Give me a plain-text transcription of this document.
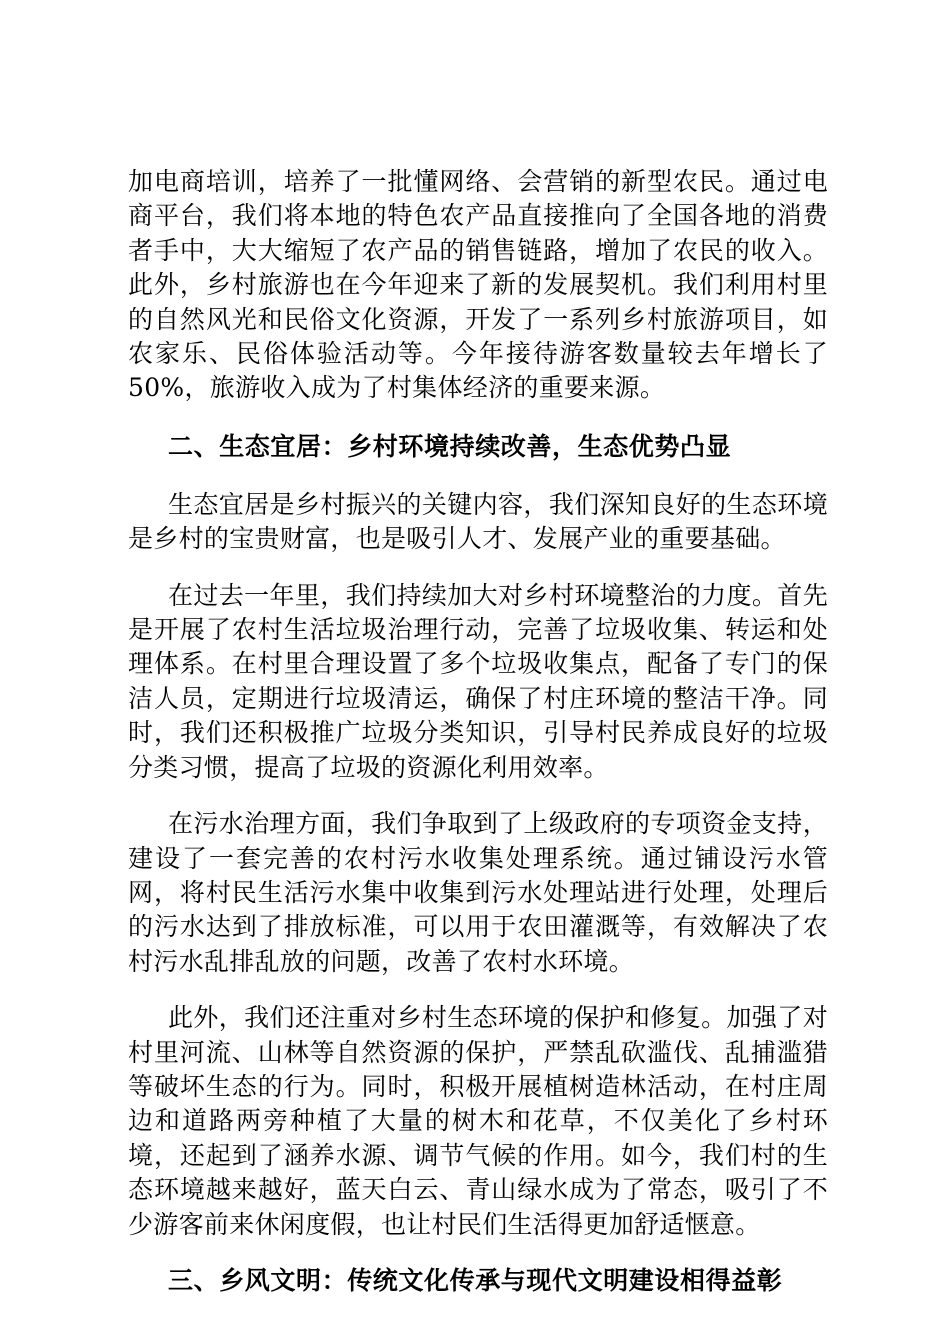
加电商培训，培养了一批懂网络、会营销的新型农民。通过电商平台，我们将本地的特色农产品直接推向了全国各地的消费者手中，大大缩短了农产品的销售链路，增加了农民的收入。此外，乡村旅游也在今年迎来了新的发展契机。我们利用村里的自然风光和民俗文化资源，开发了一系列乡村旅游项目，如农家乐、民俗体验活动等。今年接待游客数量较去年增长了50%，旅游收入成为了村集体经济的重要来源。

二、生态宜居：乡村环境持续改善，生态优势凸显

生态宜居是乡村振兴的关键内容，我们深知良好的生态环境是乡村的宝贵财富，也是吸引人才、发展产业的重要基础。

在过去一年里，我们持续加大对乡村环境整治的力度。首先是开展了农村生活垃圾治理行动，完善了垃圾收集、转运和处理体系。在村里合理设置了多个垃圾收集点，配备了专门的保洁人员，定期进行垃圾清运，确保了村庄环境的整洁干净。同时，我们还积极推广垃圾分类知识，引导村民养成良好的垃圾分类习惯，提高了垃圾的资源化利用效率。

在污水治理方面，我们争取到了上级政府的专项资金支持，建设了一套完善的农村污水收集处理系统。通过铺设污水管网，将村民生活污水集中收集到污水处理站进行处理，处理后的污水达到了排放标准，可以用于农田灌溉等，有效解决了农村污水乱排乱放的问题，改善了农村水环境。

此外，我们还注重对乡村生态环境的保护和修复。加强了对村里河流、山林等自然资源的保护，严禁乱砍滥伐、乱捕滥猎等破坏生态的行为。同时，积极开展植树造林活动，在村庄周边和道路两旁种植了大量的树木和花草，不仅美化了乡村环境，还起到了涵养水源、调节气候的作用。如今，我们村的生态环境越来越好，蓝天白云、青山绿水成为了常态，吸引了不少游客前来休闲度假，也让村民们生活得更加舒适惬意。

三、乡风文明：传统文化传承与现代文明建设相得益彰
